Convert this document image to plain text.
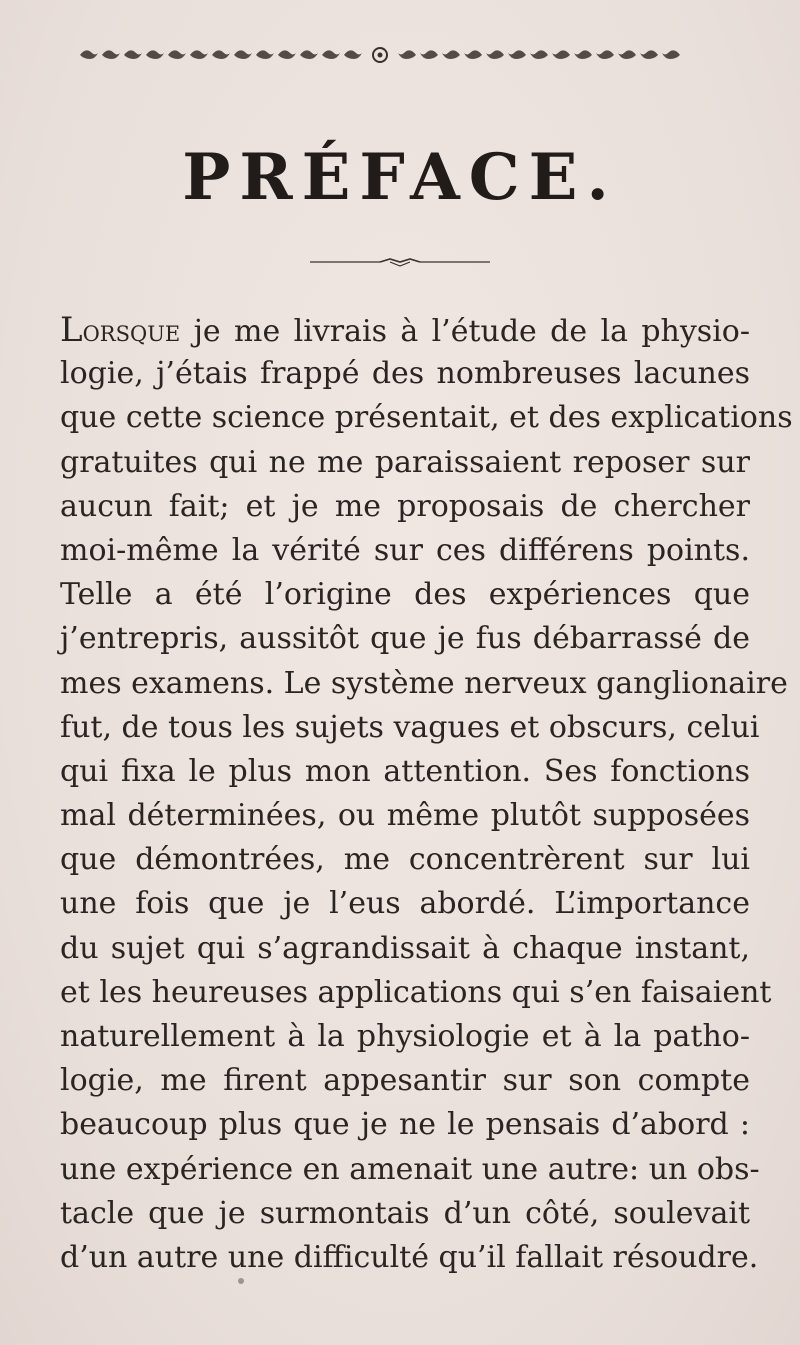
PRÉFACE.
Lorsque je me livrais à l’étude de la physio-
logie, j’étais frappé des nombreuses lacunes
que cette science présentait, et des explications
gratuites qui ne me paraissaient reposer sur
aucun fait; et je me proposais de chercher
moi-même la vérité sur ces différens points.
Telle a été l’origine des expériences que
j’entrepris, aussitôt que je fus débarrassé de
mes examens. Le système nerveux ganglionaire
fut, de tous les sujets vagues et obscurs, celui
qui fixa le plus mon attention. Ses fonctions
mal déterminées, ou même plutôt supposées
que démontrées, me concentrèrent sur lui
une fois que je l’eus abordé. L’importance
du sujet qui s’agrandissait à chaque instant,
et les heureuses applications qui s’en faisaient
naturellement à la physiologie et à la patho-
logie, me firent appesantir sur son compte
beaucoup plus que je ne le pensais d’abord :
une expérience en amenait une autre: un obs-
tacle que je surmontais d’un côté, soulevait
d’un autre une difficulté qu’il fallait résoudre.
